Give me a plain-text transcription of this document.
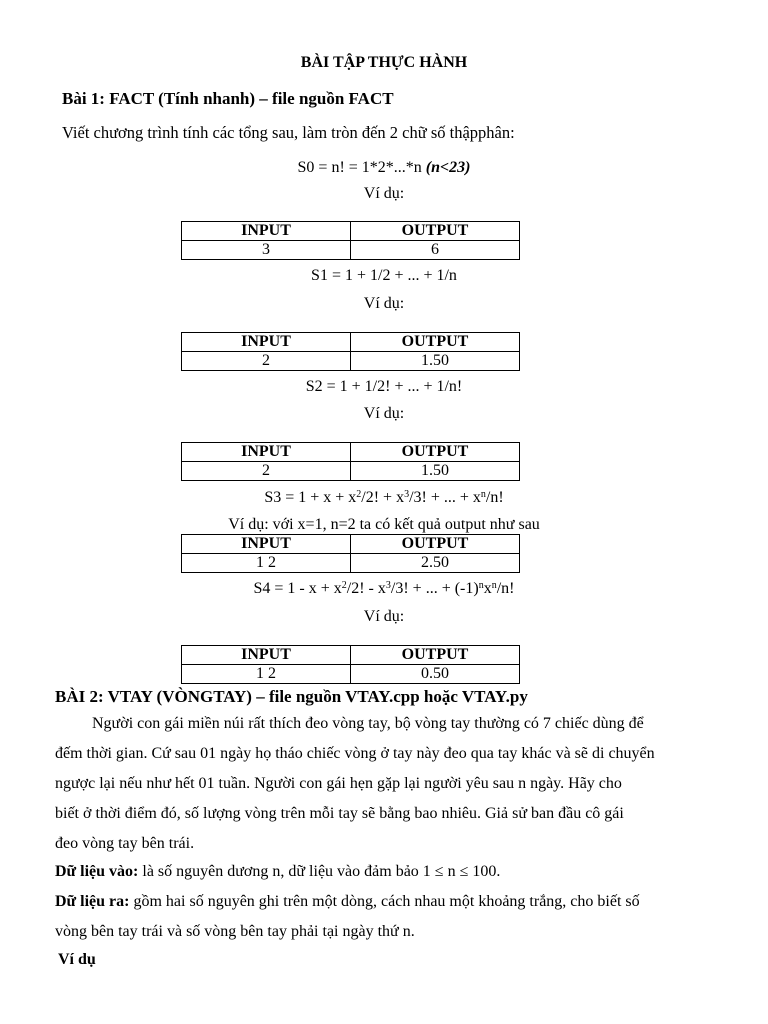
BÀI TẬP THỰC HÀNH
Bài 1: FACT (Tính nhanh) – file nguồn FACT
Viết chương trình tính các tổng sau, làm tròn đến 2 chữ số thậpphân:
S0 = n! = 1*2*...*n (n<23)
Ví dụ:
INPUT	OUTPUT
3	6
S1 = 1 + 1/2 + ... + 1/n
Ví dụ:
INPUT	OUTPUT
2	1.50
S2 = 1 + 1/2! + ... + 1/n!
Ví dụ:
INPUT	OUTPUT
2	1.50
$S3 = 1 + x + x^2/2$! + $x^3/3$! + ... + $x^n/n$!
Ví dụ: với x=1, n=2 ta có kết quả output như sau
INPUT	OUTPUT
1 2	2.50
$S4 = 1 - x + x^2/2$! - $x^3/3$! + ... + $(-1)^nx^n/n$!
Ví dụ:
INPUT	OUTPUT
1 2	0.50
BÀI 2: VTAY (VÒNGTAY) – file nguồn VTAY.cpp hoặc VTAY.py
Người con gái miền núi rất thích đeo vòng tay, bộ vòng tay thường có 7 chiếc dùng để
đếm thời gian. Cứ sau 01 ngày họ tháo chiếc vòng ở tay này đeo qua tay khác và sẽ di chuyển
ngược lại nếu như hết 01 tuần. Người con gái hẹn gặp lại người yêu sau n ngày. Hãy cho
biết ở thời điểm đó, số lượng vòng trên mỗi tay sẽ bằng bao nhiêu. Giả sử ban đầu cô gái
đeo vòng tay bên trái.
Dữ liệu vào: là số nguyên dương n, dữ liệu vào đảm bảo 1 ≤ n ≤ 100.
Dữ liệu ra: gồm hai số nguyên ghi trên một dòng, cách nhau một khoảng trắng, cho biết số
vòng bên tay trái và số vòng bên tay phải tại ngày thứ n.
Ví dụ
